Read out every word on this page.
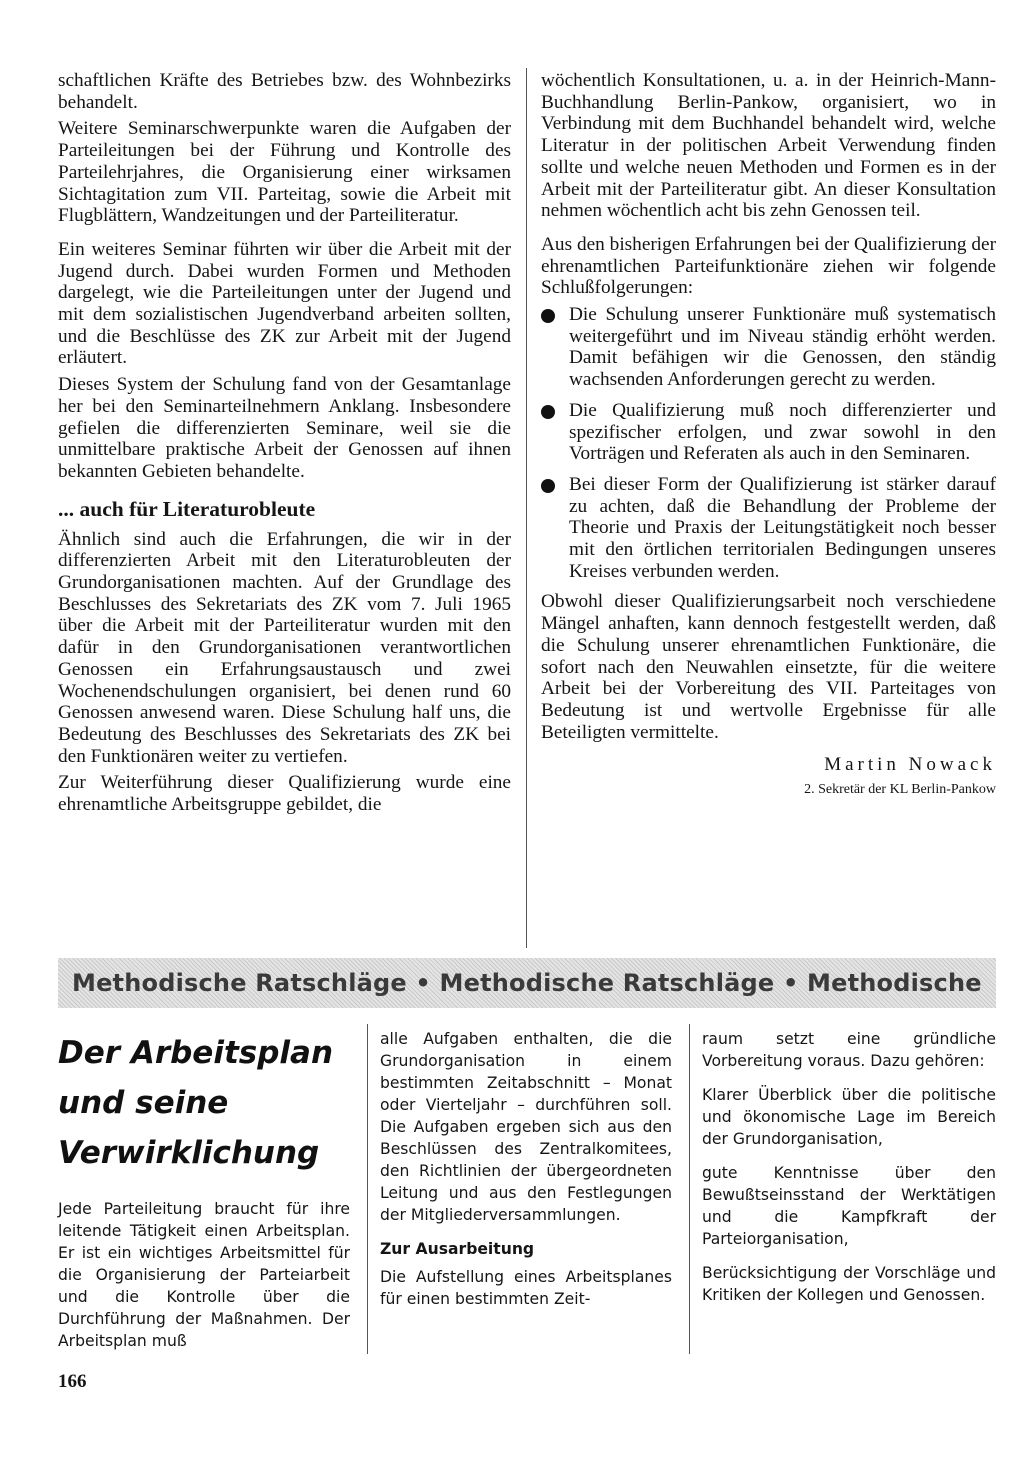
schaftlichen Kräfte des Betriebes bzw. des Wohnbezirks behandelt.

Weitere Seminarschwerpunkte waren die Aufgaben der Parteileitungen bei der Führung und Kontrolle des Parteilehrjahres, die Organisierung einer wirksamen Sichtagitation zum VII. Parteitag, sowie die Arbeit mit Flugblättern, Wandzeitungen und der Parteiliteratur.

Ein weiteres Seminar führten wir über die Arbeit mit der Jugend durch. Dabei wurden Formen und Methoden dargelegt, wie die Parteileitungen unter der Jugend und mit dem sozialistischen Jugendverband arbeiten sollten, und die Beschlüsse des ZK zur Arbeit mit der Jugend erläutert.

Dieses System der Schulung fand von der Gesamtanlage her bei den Seminarteilnehmern Anklang. Insbesondere gefielen die differenzierten Seminare, weil sie die unmittelbare praktische Arbeit der Genossen auf ihnen bekannten Gebieten behandelte.

... auch für Literaturobleute

Ähnlich sind auch die Erfahrungen, die wir in der differenzierten Arbeit mit den Literaturobleuten der Grundorganisationen machten. Auf der Grundlage des Beschlusses des Sekretariats des ZK vom 7. Juli 1965 über die Arbeit mit der Parteiliteratur wurden mit den dafür in den Grundorganisationen verantwortlichen Genossen ein Erfahrungsaustausch und zwei Wochenendschulungen organisiert, bei denen rund 60 Genossen anwesend waren. Diese Schulung half uns, die Bedeutung des Beschlusses des Sekretariats des ZK bei den Funktionären weiter zu vertiefen.

Zur Weiterführung dieser Qualifizierung wurde eine ehrenamtliche Arbeitsgruppe gebildet, die

wöchentlich Konsultationen, u. a. in der Heinrich-Mann-Buchhandlung Berlin-Pankow, organisiert, wo in Verbindung mit dem Buchhandel behandelt wird, welche Literatur in der politischen Arbeit Verwendung finden sollte und welche neuen Methoden und Formen es in der Arbeit mit der Parteiliteratur gibt. An dieser Konsultation nehmen wöchentlich acht bis zehn Genossen teil.

Aus den bisherigen Erfahrungen bei der Qualifizierung der ehrenamtlichen Parteifunktionäre ziehen wir folgende Schlußfolgerungen:

Die Schulung unserer Funktionäre muß systematisch weitergeführt und im Niveau ständig erhöht werden. Damit befähigen wir die Genossen, den ständig wachsenden Anforderungen gerecht zu werden.
Die Qualifizierung muß noch differenzierter und spezifischer erfolgen, und zwar sowohl in den Vorträgen und Referaten als auch in den Seminaren.
Bei dieser Form der Qualifizierung ist stärker darauf zu achten, daß die Behandlung der Probleme der Theorie und Praxis der Leitungstätigkeit noch besser mit den örtlichen territorialen Bedingungen unseres Kreises verbunden werden.

Obwohl dieser Qualifizierungsarbeit noch verschiedene Mängel anhaften, kann dennoch festgestellt werden, daß die Schulung unserer ehrenamtlichen Funktionäre, die sofort nach den Neuwahlen einsetzte, für die weitere Arbeit bei der Vorbereitung des VII. Parteitages von Bedeutung ist und wertvolle Ergebnisse für alle Beteiligten vermittelte.

Martin Nowack
2. Sekretär der KL Berlin-Pankow
Methodische Ratschläge • Methodische Ratschläge • Methodische
Der Arbeitsplan und seine Verwirklichung

Jede Parteileitung braucht für ihre leitende Tätigkeit einen Arbeitsplan. Er ist ein wichtiges Arbeitsmittel für die Organisierung der Parteiarbeit und die Kontrolle über die Durchführung der Maßnahmen. Der Arbeitsplan muß

alle Aufgaben enthalten, die die Grundorganisation in einem bestimmten Zeitabschnitt – Monat oder Vierteljahr – durchführen soll. Die Aufgaben ergeben sich aus den Beschlüssen des Zentralkomitees, den Richtlinien der übergeordneten Leitung und aus den Festlegungen der Mitgliederversammlungen.

Zur Ausarbeitung

Die Aufstellung eines Arbeitsplanes für einen bestimmten Zeit-

raum setzt eine gründliche Vorbereitung voraus. Dazu gehören:

Klarer Überblick über die politische und ökonomische Lage im Bereich der Grundorganisation,

gute Kenntnisse über den Bewußtseinsstand der Werktätigen und die Kampfkraft der Parteiorganisation,

Berücksichtigung der Vorschläge und Kritiken der Kollegen und Genossen.

166
